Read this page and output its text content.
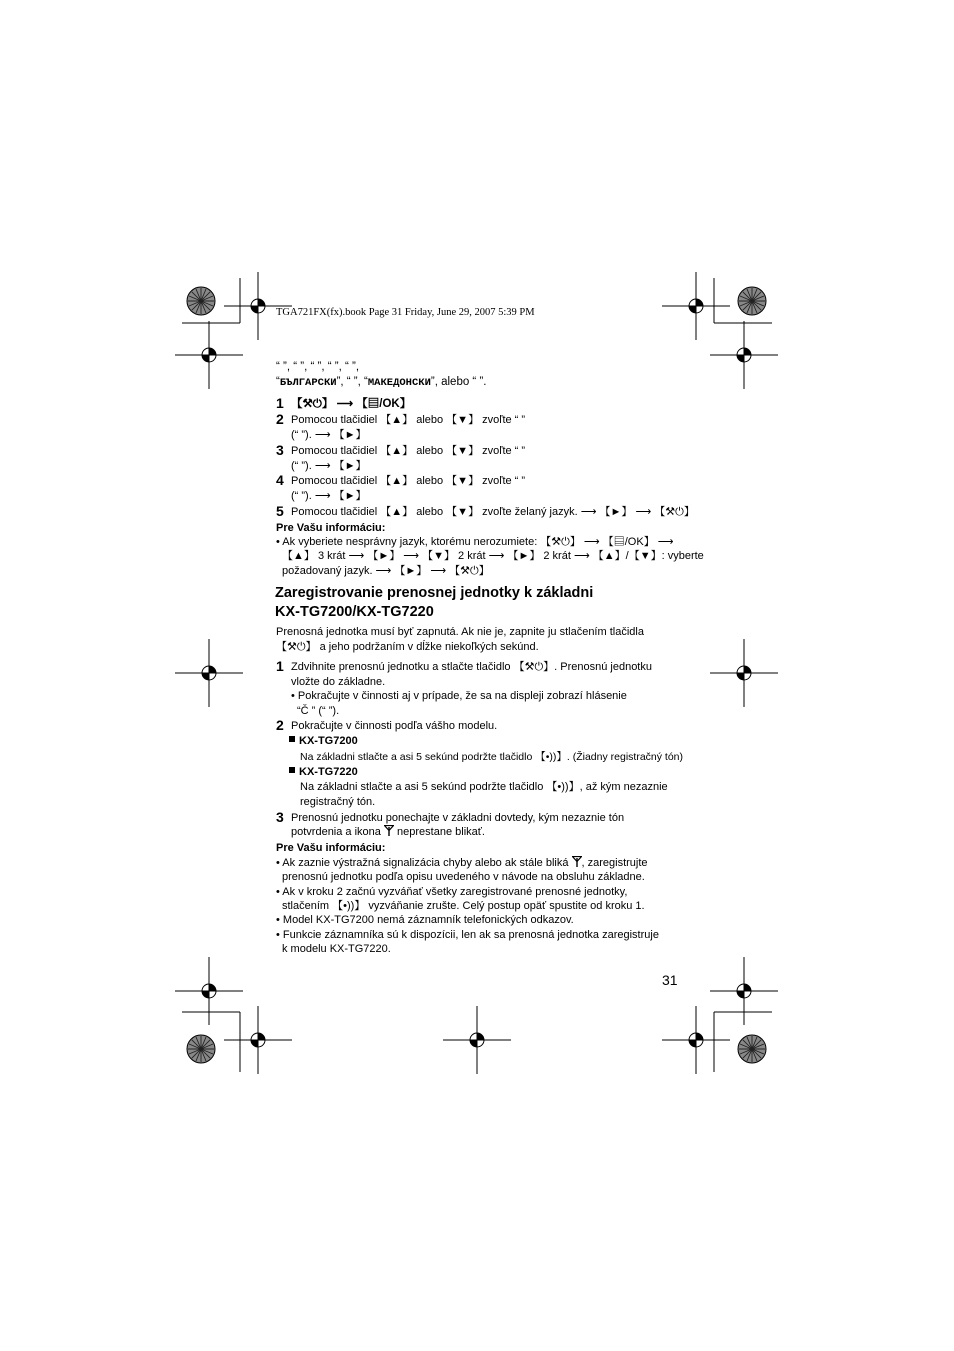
TGA721FX(fx).book Page 31 Friday, June 29, 2007 5:39 PM
“ ”, “ ”, “ ”, “ ”, “ ”,
“БЪЛГАРСКИ”, “ ”, “МАКЕДОНСКИ”, alebo “ ”.
1 【⚒⏻】 ⟶ 【▤/OK】
2 Pomocou tlačidiel 【▲】 alebo 【▼】 zvoľte “ ”
(“ ”). ⟶ 【►】
3 Pomocou tlačidiel 【▲】 alebo 【▼】 zvoľte “ ”
(“ ”). ⟶ 【►】
4 Pomocou tlačidiel 【▲】 alebo 【▼】 zvoľte “ ”
(“ ”). ⟶ 【►】
5 Pomocou tlačidiel 【▲】 alebo 【▼】 zvoľte želaný jazyk. ⟶ 【►】 ⟶ 【⚒⏻】
Pre Vašu informáciu:
• Ak vyberiete nesprávny jazyk, ktorému nerozumiete: 【⚒⏻】 ⟶ 【▤/OK】 ⟶
【▲】 3 krát ⟶ 【►】 ⟶ 【▼】 2 krát ⟶ 【►】 2 krát ⟶ 【▲】/【▼】: vyberte
požadovaný jazyk. ⟶ 【►】 ⟶ 【⚒⏻】
Zaregistrovanie prenosnej jednotky k základni
KX-TG7200/KX-TG7220
Prenosná jednotka musí byť zapnutá. Ak nie je, zapnite ju stlačením tlačidla
【⚒⏻】 a jeho podržaním v dĺžke niekoľkých sekúnd.
1 Zdvihnite prenosnú jednotku a stlačte tlačidlo 【⚒⏻】. Prenosnú jednotku
vložte do základne.
• Pokračujte v činnosti aj v prípade, že sa na displeji zobrazí hlásenie
“Č ” (“ ”).
2 Pokračujte v činnosti podľa vášho modelu.
KX-TG7200
Na základni stlačte a asi 5 sekúnd podržte tlačidlo 【•))】. (Žiadny registračný tón)
KX-TG7220
Na základni stlačte a asi 5 sekúnd podržte tlačidlo 【•))】, až kým nezaznie
registračný tón.
3 Prenosnú jednotku ponechajte v základni dovtedy, kým nezaznie tón
potvrdenia a ikona neprestane blikať.
Pre Vašu informáciu:
• Ak zaznie výstražná signalizácia chyby alebo ak stále bliká , zaregistrujte
prenosnú jednotku podľa opisu uvedeného v návode na obsluhu základne.
• Ak v kroku 2 začnú vyzváňať všetky zaregistrované prenosné jednotky,
stlačením 【•))】 vyzváňanie zrušte. Celý postup opäť spustite od kroku 1.
• Model KX-TG7200 nemá záznamník telefonických odkazov.
• Funkcie záznamníka sú k dispozícii, len ak sa prenosná jednotka zaregistruje
k modelu KX-TG7220.
31
